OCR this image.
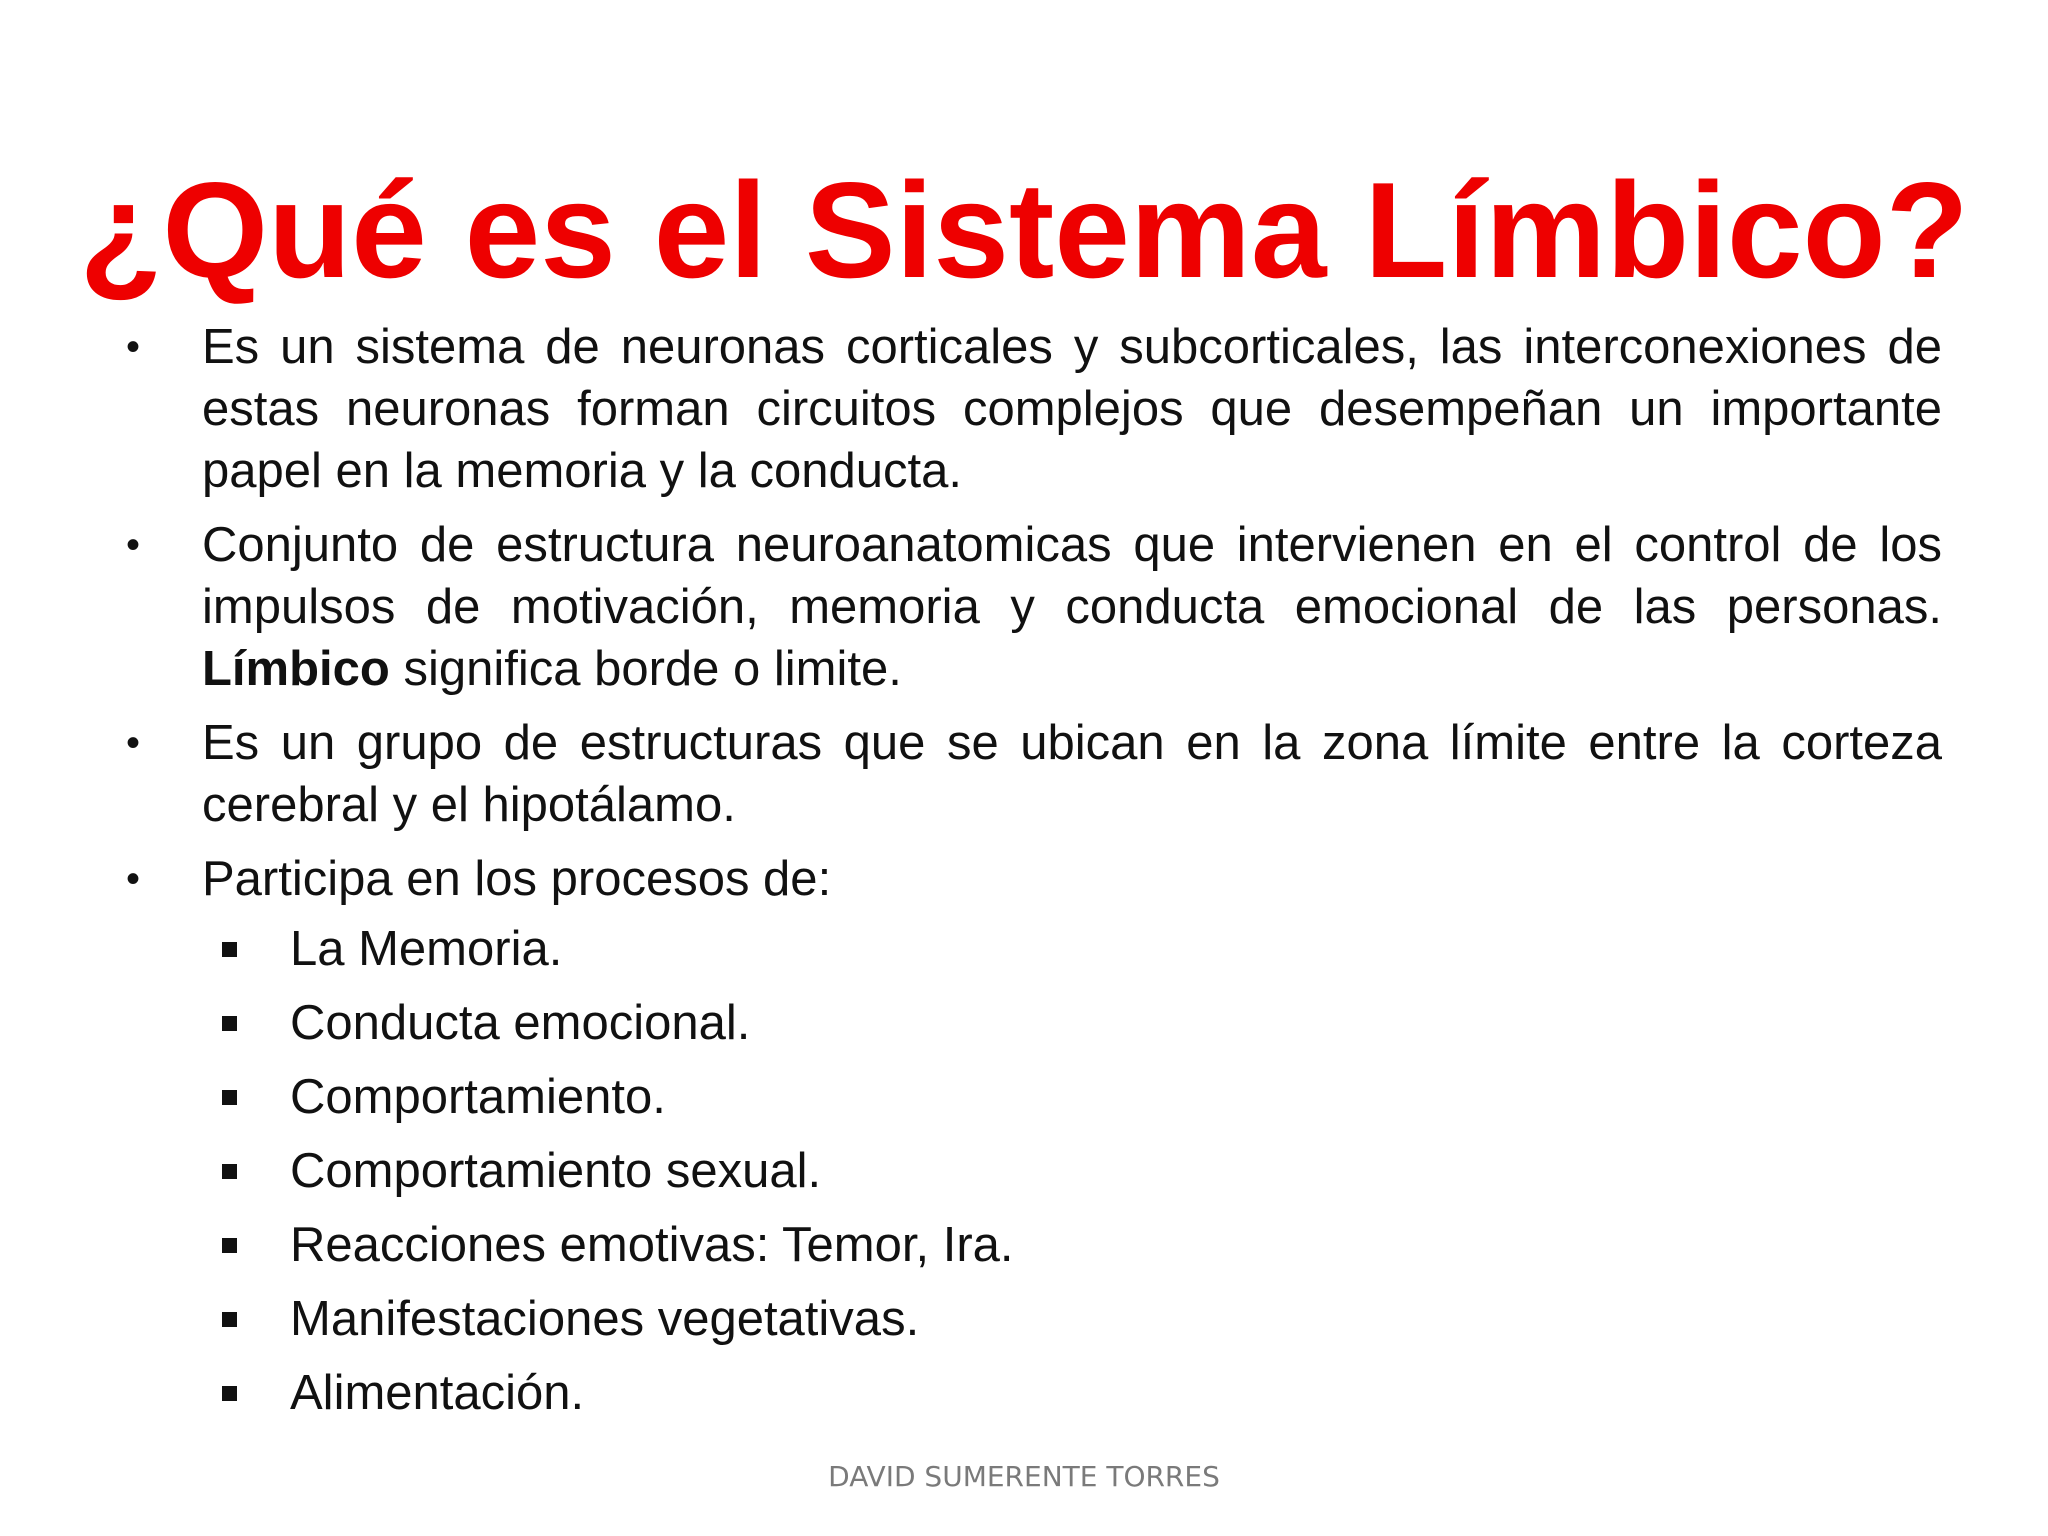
¿Qué es el Sistema Límbico?
• Es un sistema de neuronas corticales y subcorticales, las interconexiones de estas neuronas forman circuitos complejos que desempeñan un importante papel en la memoria y la conducta.
• Conjunto de estructura neuroanatomicas que intervienen en el control de los impulsos de motivación, memoria y conducta emocional de las personas. Límbico significa borde o limite.
• Es un grupo de estructuras que se ubican en la zona límite entre la corteza cerebral y el hipotálamo.
• Participa en los procesos de:
La Memoria.
Conducta emocional.
Comportamiento.
Comportamiento sexual.
Reacciones emotivas: Temor, Ira.
Manifestaciones vegetativas.
Alimentación.
DAVID SUMERENTE TORRES
